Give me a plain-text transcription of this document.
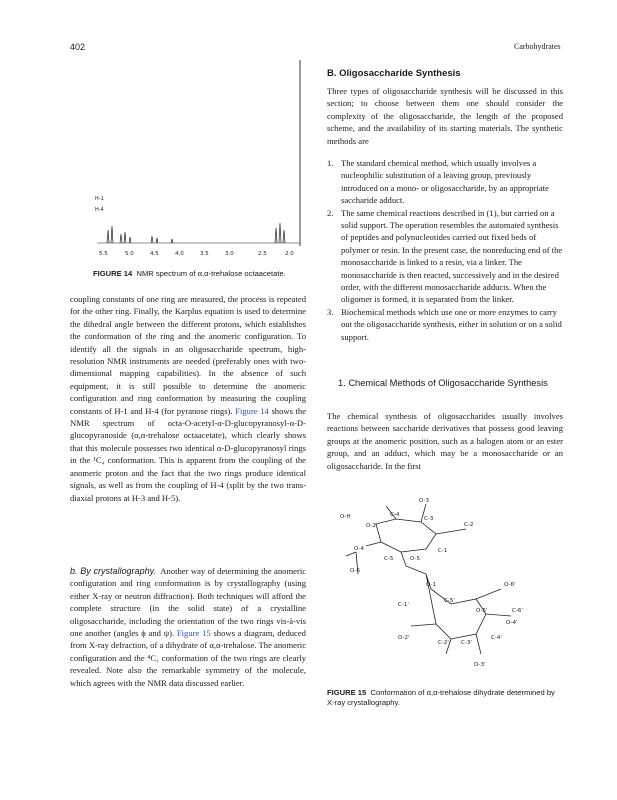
402	Carbohydrates
H-1
H-4
5.5	5.0	4.5	4.0	3.5	3.0	2.5	2.0
FIGURE 14 NMR spectrum of α,α-trehalose octaacetate.
coupling constants of one ring are measured, the process is repeated for the other ring. Finally, the Karplus equation is used to determine the dihedral angle between the different protons, which establishes the conformation of the ring and the anomeric configuration. To identify all the signals in an oligosaccharide spectrum, high-resolution NMR instruments are needed (preferably ones with two-dimensional mapping capabilities). In the absence of such equipment, it is still possible to determine the anomeric configuration and ring conformation by measuring the coupling constants of H-1 and H-4 (for pyranose rings). Figure 14 shows the NMR spectrum of octa-O-acetyl-α-D-glucopyranosyl-α-D-glucopyranoside (α,α-trehalose octaacetate), which clearly shows that this molecule possesses two identical α-D-glucopyranosyl rings in the ¹C₄ conformation. This is apparent from the coupling of the anomeric proton and the fact that the two rings produce identical signals, as well as from the coupling of H-4 (split by the two trans-diaxial protons at H-3 and H-5).
b. By crystallography. Another way of determining the anomeric configuration and ring conformation is by crystallography (using either X-ray or neutron diffraction). Both techniques will afford the complete structure (in the solid state) of a crystalline oligosaccharide, including the orientation of the two rings vis-à-vis one another (angles ϕ and ψ). Figure 15 shows a diagram, deduced from X-ray defraction, of a dihydrate of α,α-trehalose. The anomeric configuration and the ⁴C₁ conformation of the two rings are clearly revealed. Note also the remarkable symmetry of the molecule, which agrees with the NMR data discussed earlier.
B. Oligosaccharide Synthesis
Three types of oligosaccharide synthesis will be discussed in this section; to choose between them one should consider the complexity of the oligosaccharide, the length of the proposed scheme, and the availability of its starting materials. The synthetic methods are
1. The standard chemical method, which usually involves a nucleophilic substitution of a leaving group, previously introduced on a mono- or oligosaccharide, by an appropriate saccharide adduct.
2. The same chemical reactions described in (1), but carried on a solid support. The operation resembles the automated synthesis of peptides and polynucleotides carried out fixed beds of polymer or resin. In the present case, the nonreducing end of the monosaccharide is linked to a resin, via a linker. The monosaccharide is then reacted, successively and in the desired order, with the different monosaccharide adducts. When the oligomer is formed, it is separated from the linker.
3. Biochemical methods which use one or more enzymes to carry out the oligosaccharide synthesis, either in solution or on a solid support.
1. Chemical Methods of Oligosaccharide Synthesis
The chemical synthesis of oligosaccharides usually involves reactions between saccharide derivatives that possess good leaving groups at the anomeric position, such as a halogen atom or an ester group, and an adduct, which may be a monosaccharide or an oligosaccharide. In the first
O-3
O-H
O-2
C-4
C-3
C-2
O-4	C-1
O-6
C-5	O-5
O-1	O-6'
C-1'
O-5'
C-5'
C-6'
O-2'
C-2' C-3'
C-4'
O-4'
O-3'
FIGURE 15 Conformation of α,α-trehalose dihydrate determined by X-ray crystallography.
